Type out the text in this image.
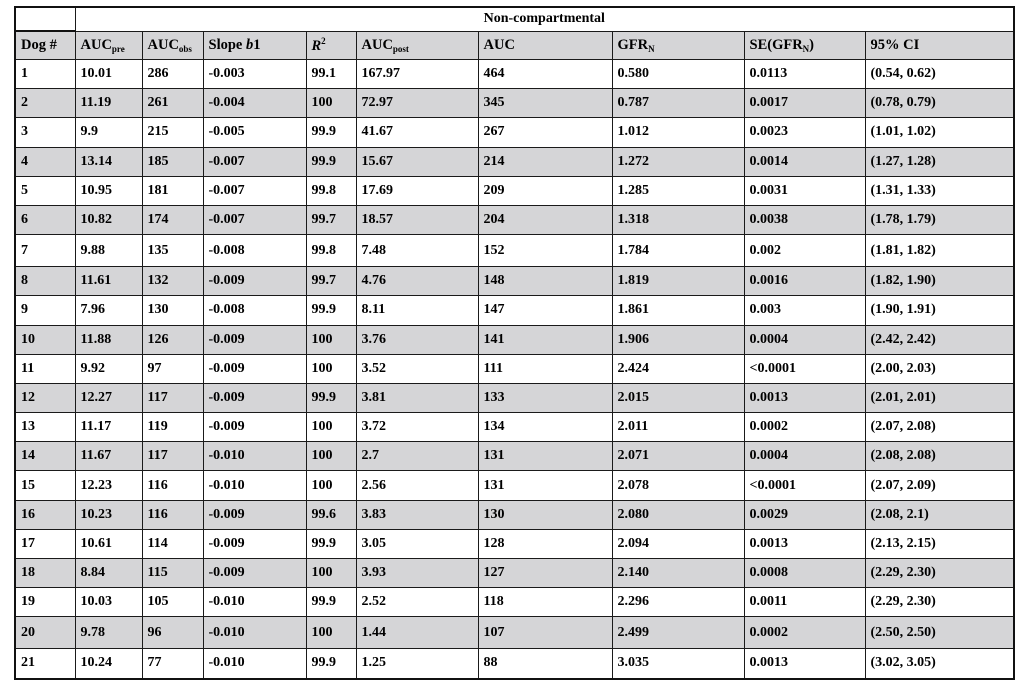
	Non-compartmental								
Dog #	$AUC_{pre}$	$AUC_{obs}$	Slope b1	$R^2$	$AUC_{post}$	AUC	$GFR_N$	$SE(GFR_N)$	95% CI
1	10.01	286	-0.003	99.1	167.97	464	0.580	0.0113	(0.54, 0.62)
2	11.19	261	-0.004	100	72.97	345	0.787	0.0017	(0.78, 0.79)
3	9.9	215	-0.005	99.9	41.67	267	1.012	0.0023	(1.01, 1.02)
4	13.14	185	-0.007	99.9	15.67	214	1.272	0.0014	(1.27, 1.28)
5	10.95	181	-0.007	99.8	17.69	209	1.285	0.0031	(1.31, 1.33)
6	10.82	174	-0.007	99.7	18.57	204	1.318	0.0038	(1.78, 1.79)
7	9.88	135	-0.008	99.8	7.48	152	1.784	0.002	(1.81, 1.82)
8	11.61	132	-0.009	99.7	4.76	148	1.819	0.0016	(1.82, 1.90)
9	7.96	130	-0.008	99.9	8.11	147	1.861	0.003	(1.90, 1.91)
10	11.88	126	-0.009	100	3.76	141	1.906	0.0004	(2.42, 2.42)
11	9.92	97	-0.009	100	3.52	111	2.424	<0.0001	(2.00, 2.03)
12	12.27	117	-0.009	99.9	3.81	133	2.015	0.0013	(2.01, 2.01)
13	11.17	119	-0.009	100	3.72	134	2.011	0.0002	(2.07, 2.08)
14	11.67	117	-0.010	100	2.7	131	2.071	0.0004	(2.08, 2.08)
15	12.23	116	-0.010	100	2.56	131	2.078	<0.0001	(2.07, 2.09)
16	10.23	116	-0.009	99.6	3.83	130	2.080	0.0029	(2.08, 2.1)
17	10.61	114	-0.009	99.9	3.05	128	2.094	0.0013	(2.13, 2.15)
18	8.84	115	-0.009	100	3.93	127	2.140	0.0008	(2.29, 2.30)
19	10.03	105	-0.010	99.9	2.52	118	2.296	0.0011	(2.29, 2.30)
20	9.78	96	-0.010	100	1.44	107	2.499	0.0002	(2.50, 2.50)
21	10.24	77	-0.010	99.9	1.25	88	3.035	0.0013	(3.02, 3.05)
